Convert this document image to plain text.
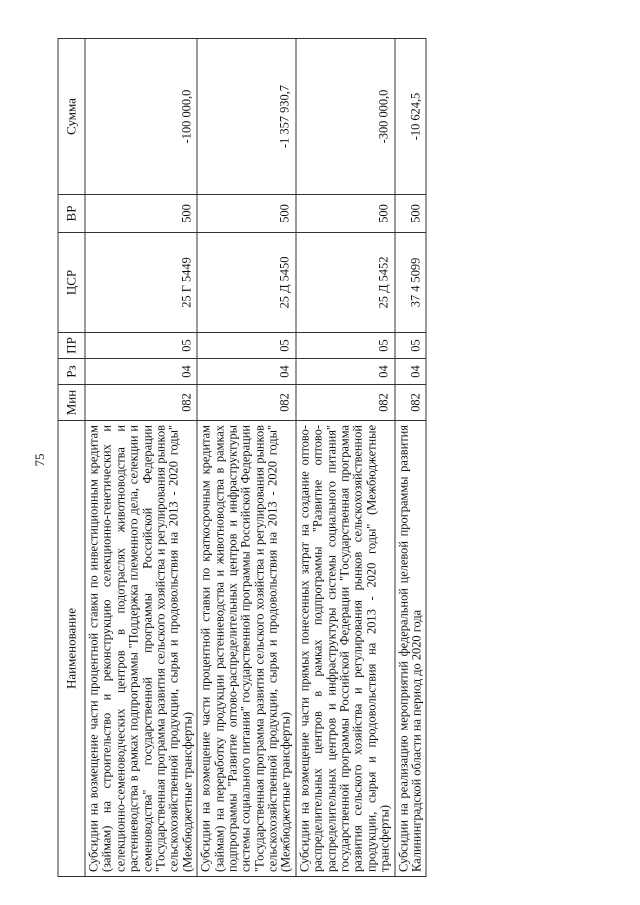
75
Наименование	Мин	Рз	ПР	ЦСР	ВР	Сумма
Субсидии на возмещение части процентной ставки по инвестиционным кредитам (займам) на строительство и реконструкцию селекционно-генетических и селекционно-семеноводческих центров в подотраслях животноводства и растениеводства в рамках подпрограммы "Поддержка племенного дела, селекции и семеноводства" государственной программы Российской Федерации "Государственная программа развития сельского хозяйства и регулирования рынков сельскохозяйственной продукции, сырья и продовольствия на 2013 - 2020 годы" (Межбюджетные трансферты)	082	04	05	25 Г 5449	500	-100 000,0
Субсидии на возмещение части процентной ставки по краткосрочным кредитам (займам) на переработку продукции растениеводства и животноводства в рамках подпрограммы "Развитие оптово-распределительных центров и инфраструктуры системы социального питания" государственной программы Российской Федерации "Государственная программа развития сельского хозяйства и регулирования рынков сельскохозяйственной продукции, сырья и продовольствия на 2013 - 2020 годы" (Межбюджетные трансферты)	082	04	05	25 Д 5450	500	-1 357 930,7
Субсидии на возмещение части прямых понесенных затрат на создание оптово-распределительных центров в рамках подпрограммы "Развитие оптово-распределительных центров и инфраструктуры системы социального питания" государственной программы Российской Федерации "Государственная программа развития сельского хозяйства и регулирования рынков сельскохозяйственной продукции, сырья и продовольствия на 2013 - 2020 годы" (Межбюджетные трансферты)	082	04	05	25 Д 5452	500	-300 000,0
Субсидии на реализацию мероприятий федеральной целевой программы развития Калининградской области на период до 2020 года	082	04	05	37 4 5099	500	-10 624,5
